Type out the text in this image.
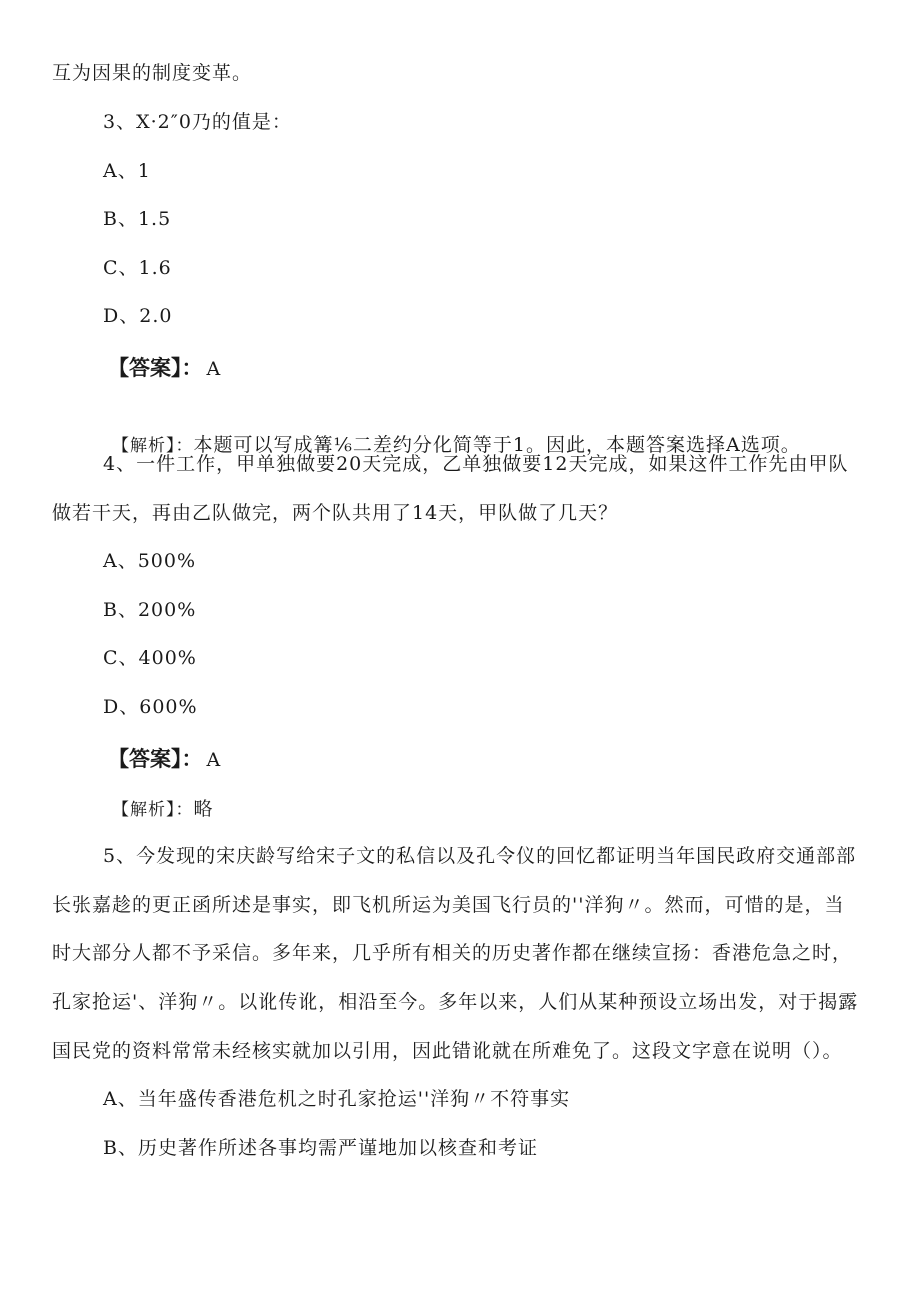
互为因果的制度变革。
3、X·2″0乃的值是：
A、1
B、1.5
C、1.6
D、2.0
【答案】： A
【解析】：本题可以写成篝⅙二差约分化简等于1。因此，本题答案选择A选项。
4、一件工作，甲单独做要20天完成，乙单独做要12天完成，如果这件工作先由甲队
做若干天，再由乙队做完，两个队共用了14天，甲队做了几天？
A、500%
B、200%
C、400%
D、600%
【答案】： A
【解析】：略
5、今发现的宋庆龄写给宋子文的私信以及孔令仪的回忆都证明当年国民政府交通部部
长张嘉趁的更正函所述是事实，即飞机所运为美国飞行员的''洋狗〃。然而，可惜的是，当
时大部分人都不予采信。多年来，几乎所有相关的历史著作都在继续宣扬：香港危急之时，
孔家抢运'、洋狗〃。以讹传讹，相沿至今。多年以来，人们从某种预设立场出发，对于揭露
国民党的资料常常未经核实就加以引用，因此错讹就在所难免了。这段文字意在说明（）。
A、当年盛传香港危机之时孔家抢运''洋狗〃不符事实
B、历史著作所述各事均需严谨地加以核查和考证
